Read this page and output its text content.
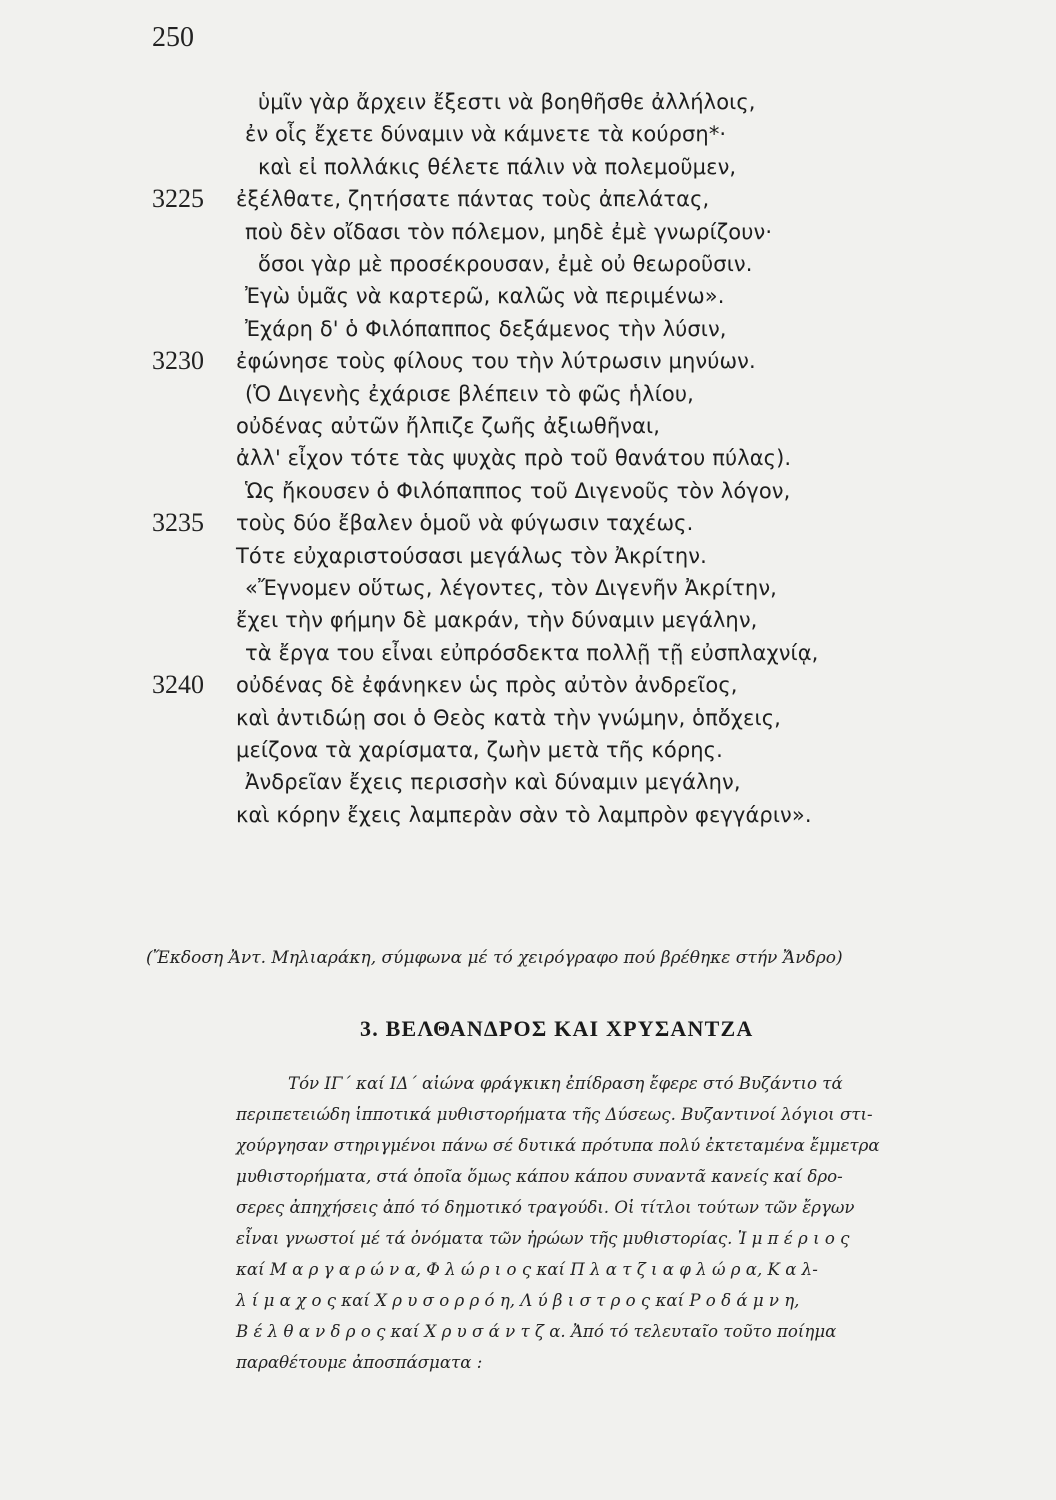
250
ὑμῖν γὰρ ἄρχειν ἔξεστι νὰ βοηθῆσθε ἀλλήλοις,
ἐν οἷς ἔχετε δύναμιν νὰ κάμνετε τὰ κούρση*·
καὶ εἰ πολλάκις θέλετε πάλιν νὰ πολεμοῦμεν,
ἐξέλθατε, ζητήσατε πάντας τοὺς ἀπελάτας,
3225
ποὺ δὲν οἴδασι τὸν πόλεμον, μηδὲ ἐμὲ γνωρίζουν·
ὅσοι γὰρ μὲ προσέκρουσαν, ἐμὲ οὐ θεωροῦσιν.
Ἐγὼ ὑμᾶς νὰ καρτερῶ, καλῶς νὰ περιμένω».
Ἐχάρη δ' ὁ Φιλόπαππος δεξάμενος τὴν λύσιν,
ἐφώνησε τοὺς φίλους του τὴν λύτρωσιν μηνύων.
3230
(Ὁ Διγενὴς ἐχάρισε βλέπειν τὸ φῶς ἡλίου,
οὐδένας αὐτῶν ἤλπιζε ζωῆς ἀξιωθῆναι,
ἀλλ' εἶχον τότε τὰς ψυχὰς πρὸ τοῦ θανάτου πύλας).
Ὡς ἤκουσεν ὁ Φιλόπαππος τοῦ Διγενοῦς τὸν λόγον,
τοὺς δύο ἔβαλεν ὁμοῦ νὰ φύγωσιν ταχέως.
3235
Τότε εὐχαριστούσασι μεγάλως τὸν Ἀκρίτην.
«Ἔγνομεν οὕτως, λέγοντες, τὸν Διγενῆν Ἀκρίτην,
ἔχει τὴν φήμην δὲ μακράν, τὴν δύναμιν μεγάλην,
τὰ ἔργα του εἶναι εὐπρόσδεκτα πολλῇ τῇ εὐσπλαχνίᾳ,
οὐδένας δὲ ἐφάνηκεν ὡς πρὸς αὐτὸν ἀνδρεῖος,
3240
καὶ ἀντιδώῃ σοι ὁ Θεὸς κατὰ τὴν γνώμην, ὁπὄχεις,
μείζονα τὰ χαρίσματα, ζωὴν μετὰ τῆς κόρης.
Ἀνδρεῖαν ἔχεις περισσὴν καὶ δύναμιν μεγάλην,
καὶ κόρην ἔχεις λαμπερὰν σὰν τὸ λαμπρὸν φεγγάριν».
(Ἔκδοση Ἀντ. Μηλιαράκη, σύμφωνα μέ τό χειρόγραφο πού βρέθηκε στήν Ἄνδρο)
3. ΒΕΛΘΑΝΔΡΟΣ ΚΑΙ ΧΡΥΣΑΝΤΖΑ
Τόν ΙΓ΄ καί ΙΔ΄ αἰώνα φράγκικη ἐπίδραση ἔφερε στό Βυζάντιο τά
περιπετειώδη ἱπποτικά μυθιστορήματα τῆς Δύσεως. Βυζαντινοί λόγιοι στι-
χούργησαν στηριγμένοι πάνω σέ δυτικά πρότυπα πολύ ἐκτεταμένα ἔμμετρα
μυθιστορήματα, στά ὁποῖα ὅμως κάπου κάπου συναντᾶ κανείς καί δρο-
σερες ἀπηχήσεις ἀπό τό δημοτικό τραγούδι. Οἱ τίτλοι τούτων τῶν ἔργων
εἶναι γνωστοί μέ τά ὀνόματα τῶν ἡρώων τῆς μυθιστορίας. Ἰ μ π έ ρ ι ο ς
καί Μ α ρ γ α ρ ώ ν α, Φ λ ώ ρ ι ο ς καί Π λ α τ ζ ι α φ λ ώ ρ α, Κ α λ-
λ ί μ α χ ο ς καί Χ ρ υ σ ο ρ ρ ό η, Λ ύ β ι σ τ ρ ο ς καί Ρ ο δ ά μ ν η,
Β έ λ θ α ν δ ρ ο ς καί Χ ρ υ σ ά ν τ ζ α. Ἀπό τό τελευταῖο τοῦτο ποίημα
παραθέτουμε ἀποσπάσματα :
